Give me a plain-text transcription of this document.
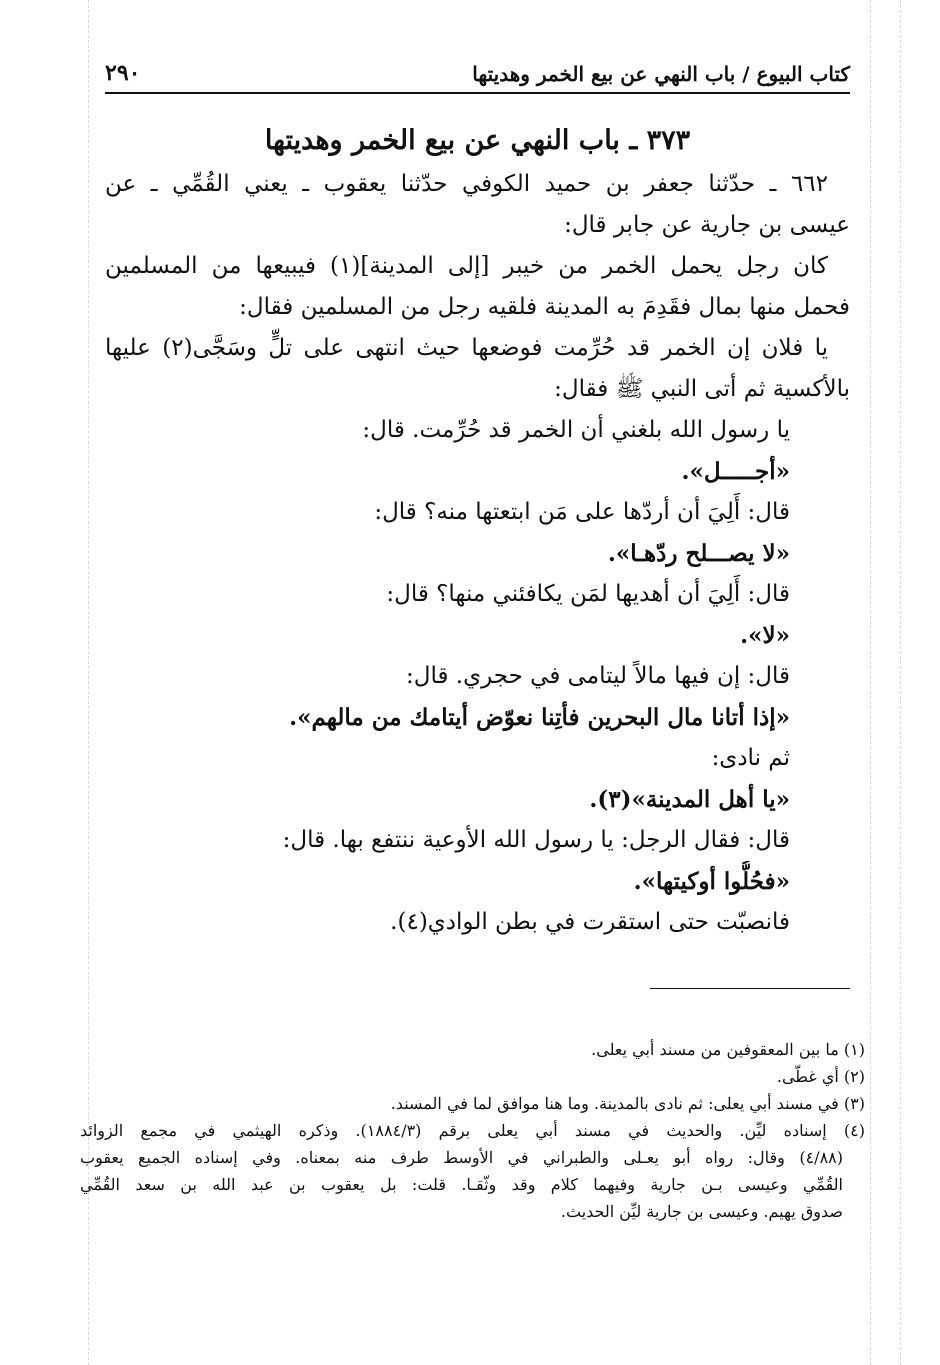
كتاب البيوع / باب النهي عن بيع الخمر وهديتها
٢٩٠
٣٧٣ ـ باب النهي عن بيع الخمر وهديتها
٦٦٢ ـ حدّثنا جعفر بن حميد الكوفي حدّثنا يعقوب ـ يعني القُمِّي ـ عن
عيسى بن جارية عن جابر قال:
كان رجل يحمل الخمر من خيبر [إلى المدينة](١) فيبيعها من المسلمين
فحمل منها بمال فقَدِمَ به المدينة فلقيه رجل من المسلمين فقال:
يا فلان إن الخمر قد حُرِّمت فوضعها حيث انتهى على تلٍّ وسَجَّى(٢) عليها
بالأكسية ثم أتى النبي ﷺ فقال:
يا رسول الله بلغني أن الخمر قد حُرِّمت. قال:
«أجـــــل».
قال: أَلِيَ أن أردّها على مَن ابتعتها منه؟ قال:
«لا يصـــلح ردّهـا».
قال: أَلِيَ أن أهديها لمَن يكافئني منها؟ قال:
«لا».
قال: إن فيها مالاً ليتامى في حجري. قال:
«إذا أتانا مال البحرين فأتِنا نعوّض أيتامك من مالهم».
ثم نادى:
«يا أهل المدينة»(٣).
قال: فقال الرجل: يا رسول الله الأوعية ننتفع بها. قال:
«فحُلُّوا أوكيتها».
فانصبّت حتى استقرت في بطن الوادي(٤).
(١) ما بين المعقوفين من مسند أبي يعلى.
(٢) أي غطّى.
(٣) في مسند أبي يعلى: ثم نادى بالمدينة. وما هنا موافق لما في المسند.
(٤) إسناده ليِّن. والحديث في مسند أبي يعلى برقم (١٨٨٤/٣). وذكره الهيثمي في مجمع الزوائد
(٤/٨٨) وقال: رواه أبو يعـلى والطبراني في الأوسط طرف منه بمعناه. وفي إسناده الجميع يعقوب
القُمِّي وعيسى بـن جارية وفيهما كلام وقد وثّقـا. قلت: بل يعقوب بن عبد الله بن سعد القُمِّي
صدوق يهيم. وعيسى بن جارية ليِّن الحديث.
